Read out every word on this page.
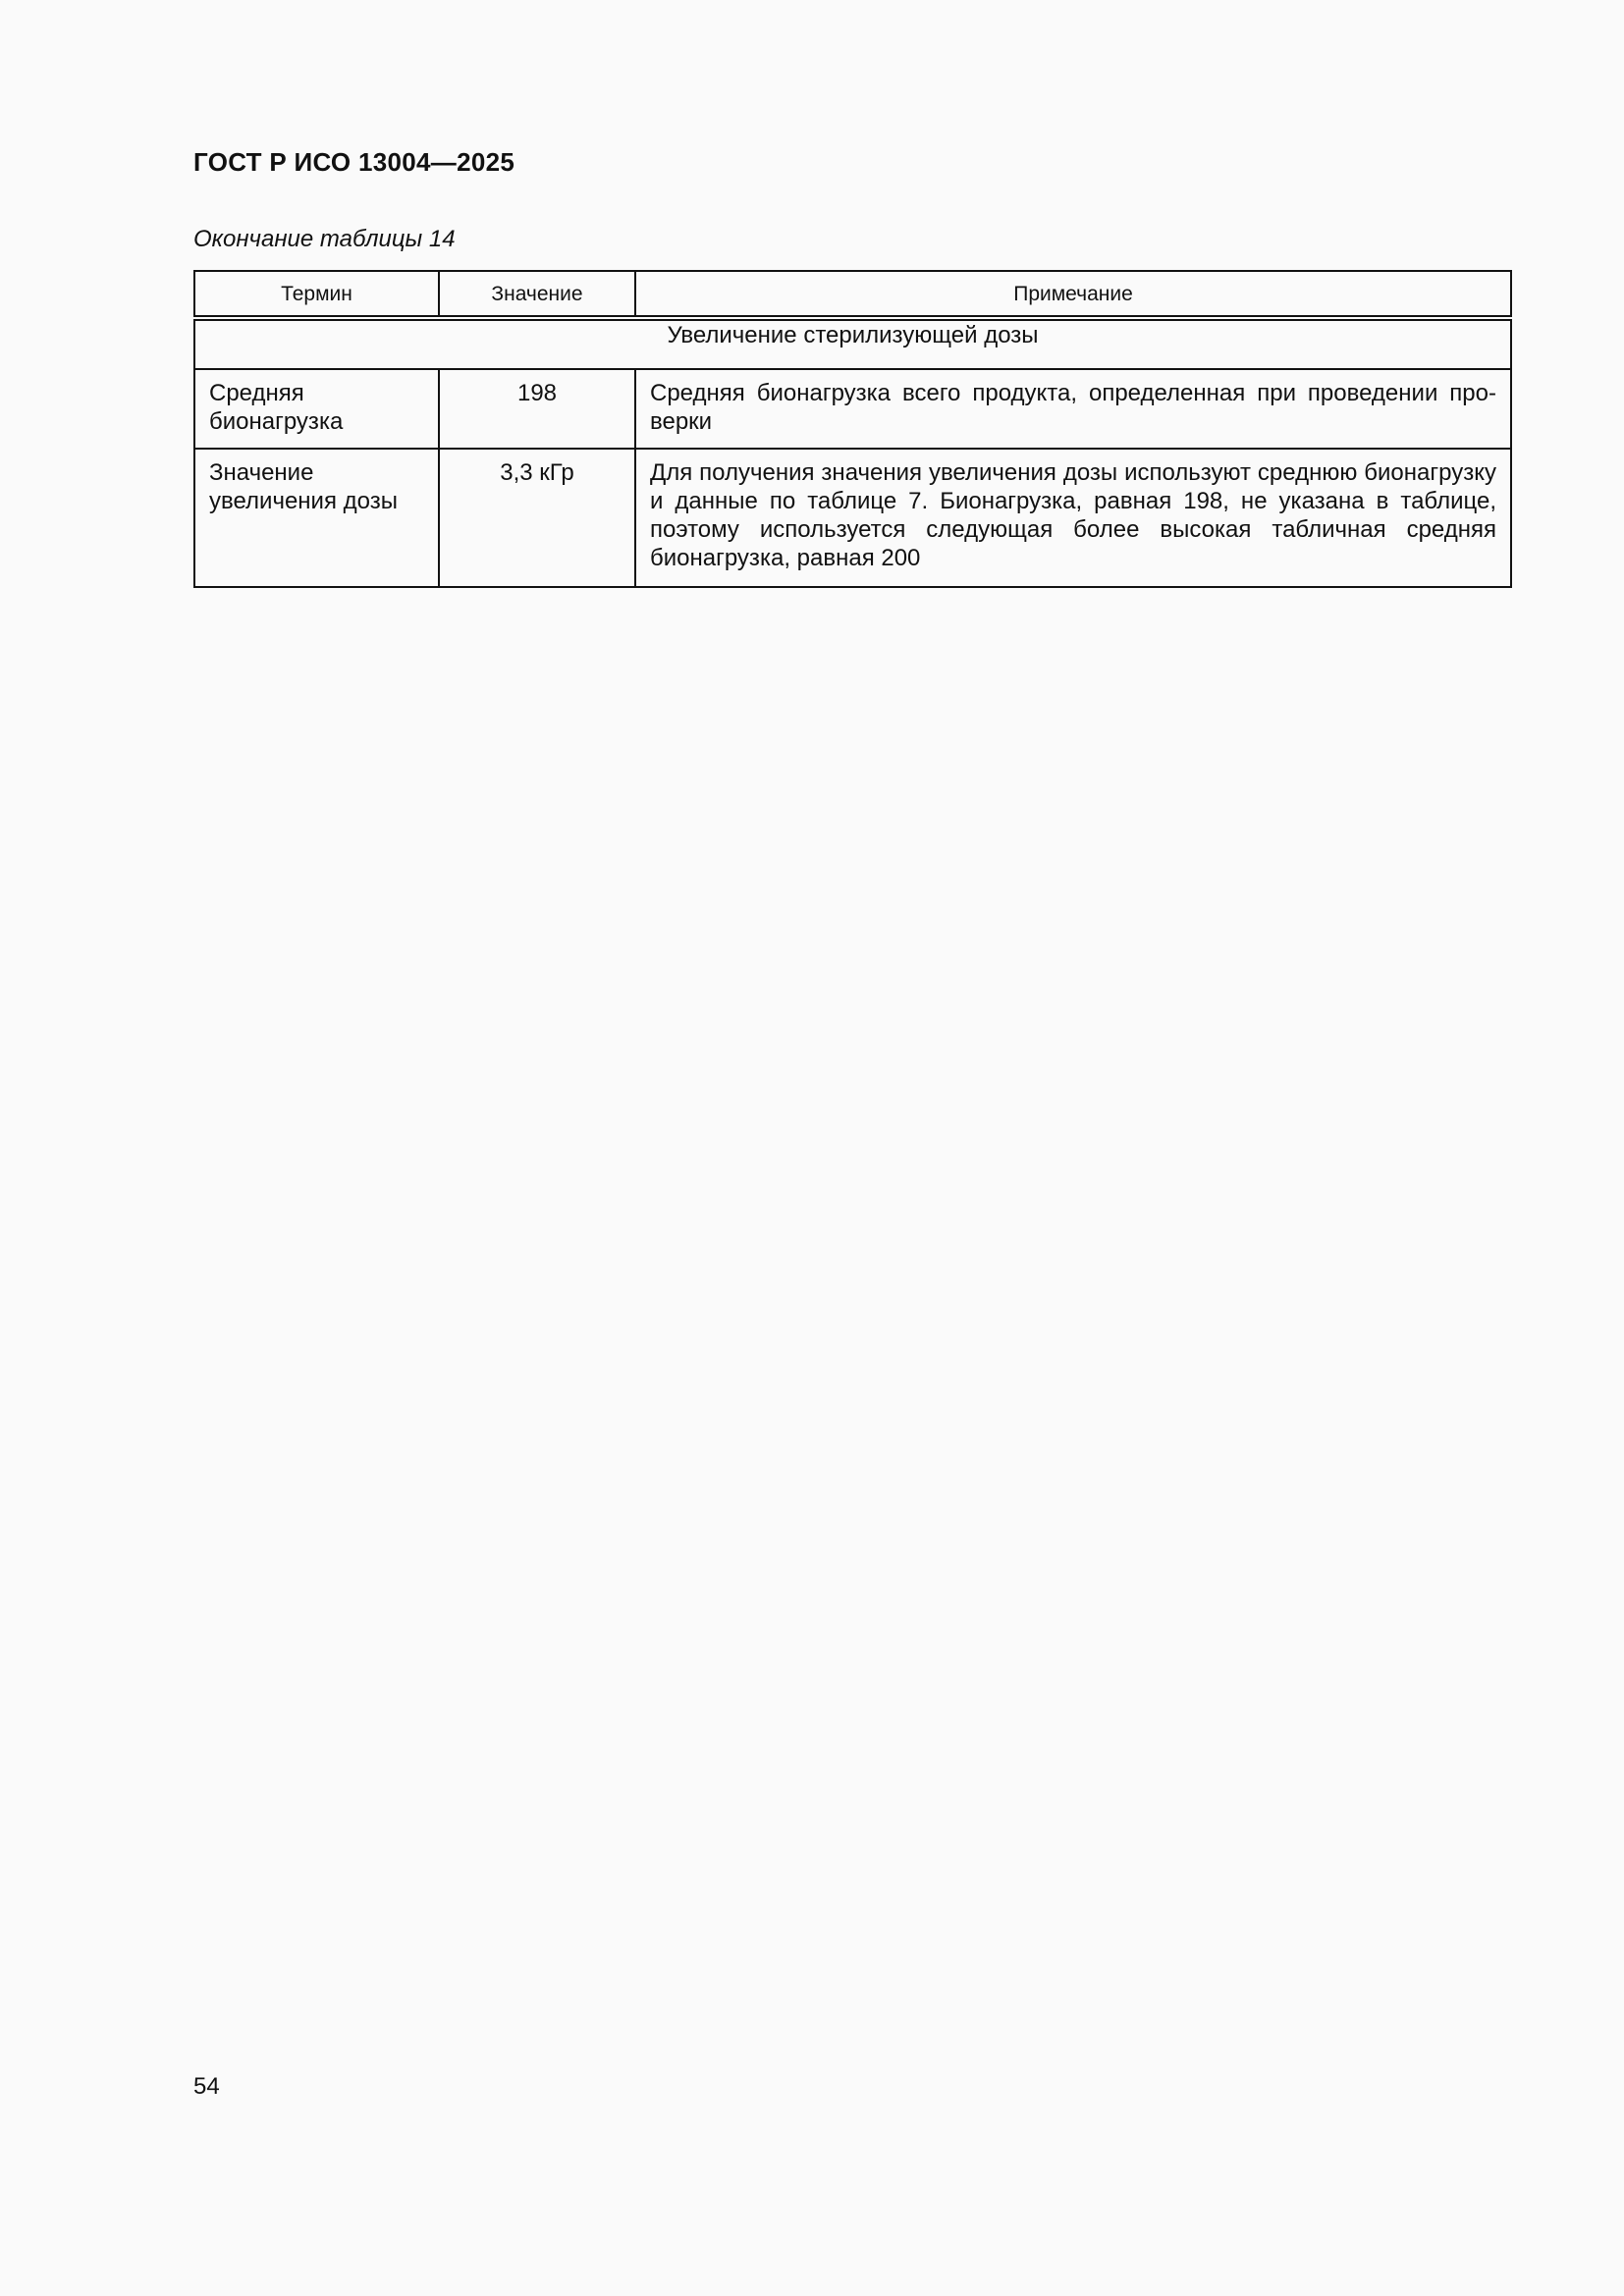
ГОСТ Р ИСО 13004—2025
Окончание таблицы 14
Термин	Значение	Примечание
Увеличение стерилизующей дозы		
Средняя бионагрузка	198	Средняя бионагрузка всего продукта, определенная при проведении проверки
Значение увеличения дозы	3,3 кГр	Для получения значения увеличения дозы используют среднюю бионагрузку и данные по таблице 7. Бионагрузка, равная 198, не указана в таблице, поэтому используется следующая более высокая табличная средняя бионагрузка, равная 200
54
